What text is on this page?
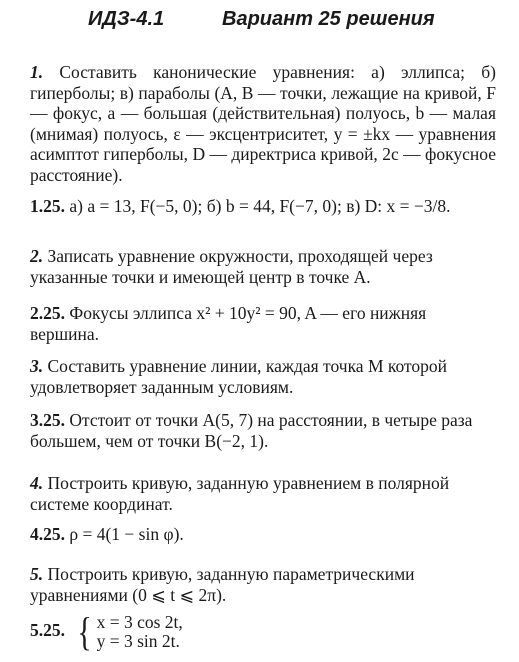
ИДЗ-4.1	Вариант 25 решения

1. Составить канонические уравнения: а) эллипса; б) гиперболы; в) параболы (A, B — точки, лежащие на кривой, F — фокус, a — большая (действительная) полуось, b — малая (мнимая) полуось, ε — эксцентриситет, y = ±kx — уравнения асимптот гиперболы, D — директриса кривой, 2c — фокусное расстояние).

1.25. а) a = 13, F(−5, 0); б) b = 44, F(−7, 0); в) D: x = −3/8.

2. Записать уравнение окружности, проходящей через указанные точки и имеющей центр в точке A.

2.25. Фокусы эллипса x² + 10y² = 90, A — его нижняя вершина.

3. Составить уравнение линии, каждая точка M которой удовлетворяет заданным условиям.

3.25. Отстоит от точки A(5, 7) на расстоянии, в четыре раза большем, чем от точки B(−2, 1).

4. Построить кривую, заданную уравнением в полярной системе координат.

4.25. ρ = 4(1 − sin φ).

5. Построить кривую, заданную параметрическими уравнениями (0 ⩽ t ⩽ 2π).

5.25. { x = 3 cos 2t,
y = 3 sin 2t.
